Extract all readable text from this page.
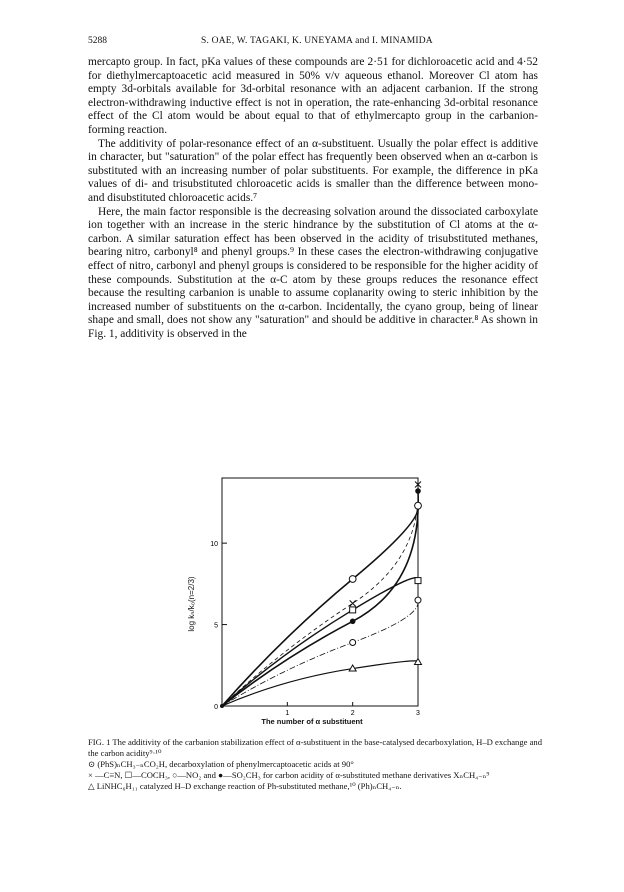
5288	S. OAE, W. TAGAKI, K. UNEYAMA and I. MINAMIDA

mercapto group. In fact, pKa values of these compounds are 2·51 for dichloroacetic acid and 4·52 for diethylmercaptoacetic acid measured in 50% v/v aqueous ethanol. Moreover Cl atom has empty 3d-orbitals available for 3d-orbital resonance with an adjacent carbanion. If the strong electron-withdrawing inductive effect is not in operation, the rate-enhancing 3d-orbital resonance effect of the Cl atom would be about equal to that of ethylmercapto group in the carbanion-forming reaction.

The additivity of polar-resonance effect of an α-substituent. Usually the polar effect is additive in character, but "saturation" of the polar effect has frequently been observed when an α-carbon is substituted with an increasing number of polar substituents. For example, the difference in pKa values of di- and trisubstituted chloroacetic acids is smaller than the difference between mono- and disubstituted chloroacetic acids.⁷

Here, the main factor responsible is the decreasing solvation around the dissociated carboxylate ion together with an increase in the steric hindrance by the substitution of Cl atoms at the α-carbon. A similar saturation effect has been observed in the acidity of trisubstituted methanes, bearing nitro, carbonyl⁸ and phenyl groups.⁹ In these cases the electron-withdrawing conjugative effect of nitro, carbonyl and phenyl groups is considered to be responsible for the higher acidity of these compounds. Substitution at the α-C atom by these groups reduces the resonance effect because the resulting carbanion is unable to assume coplanarity owing to steric inhibition by the increased number of substituents on the α-carbon. Incidentally, the cyano group, being of linear shape and small, does not show any "saturation" and should be additive in character.⁸ As shown in Fig. 1, additivity is observed in the

0
5
10
1	2	3
log kₙ/k₀(n=2/3)
The number of α substituent

FIG. 1 The additivity of the carbanion stabilization effect of α-substituent in the base-catalysed decarboxylation, H–D exchange and the carbon acidity⁹·¹⁰

⊙ (PhS)ₙCH₃₋ₙCO₂H, decarboxylation of phenylmercaptoacetic acids at 90°

× —C≡N, ☐—COCH₃, ○—NO₂ and ●—SO₂CH₃ for carbon acidity of α-substituted methane derivatives XₙCH₄₋ₙ⁹

△ LiNHC₆H₁₁ catalyzed H–D exchange reaction of Ph-substituted methane,¹⁰ (Ph)ₙCH₄₋ₙ.
